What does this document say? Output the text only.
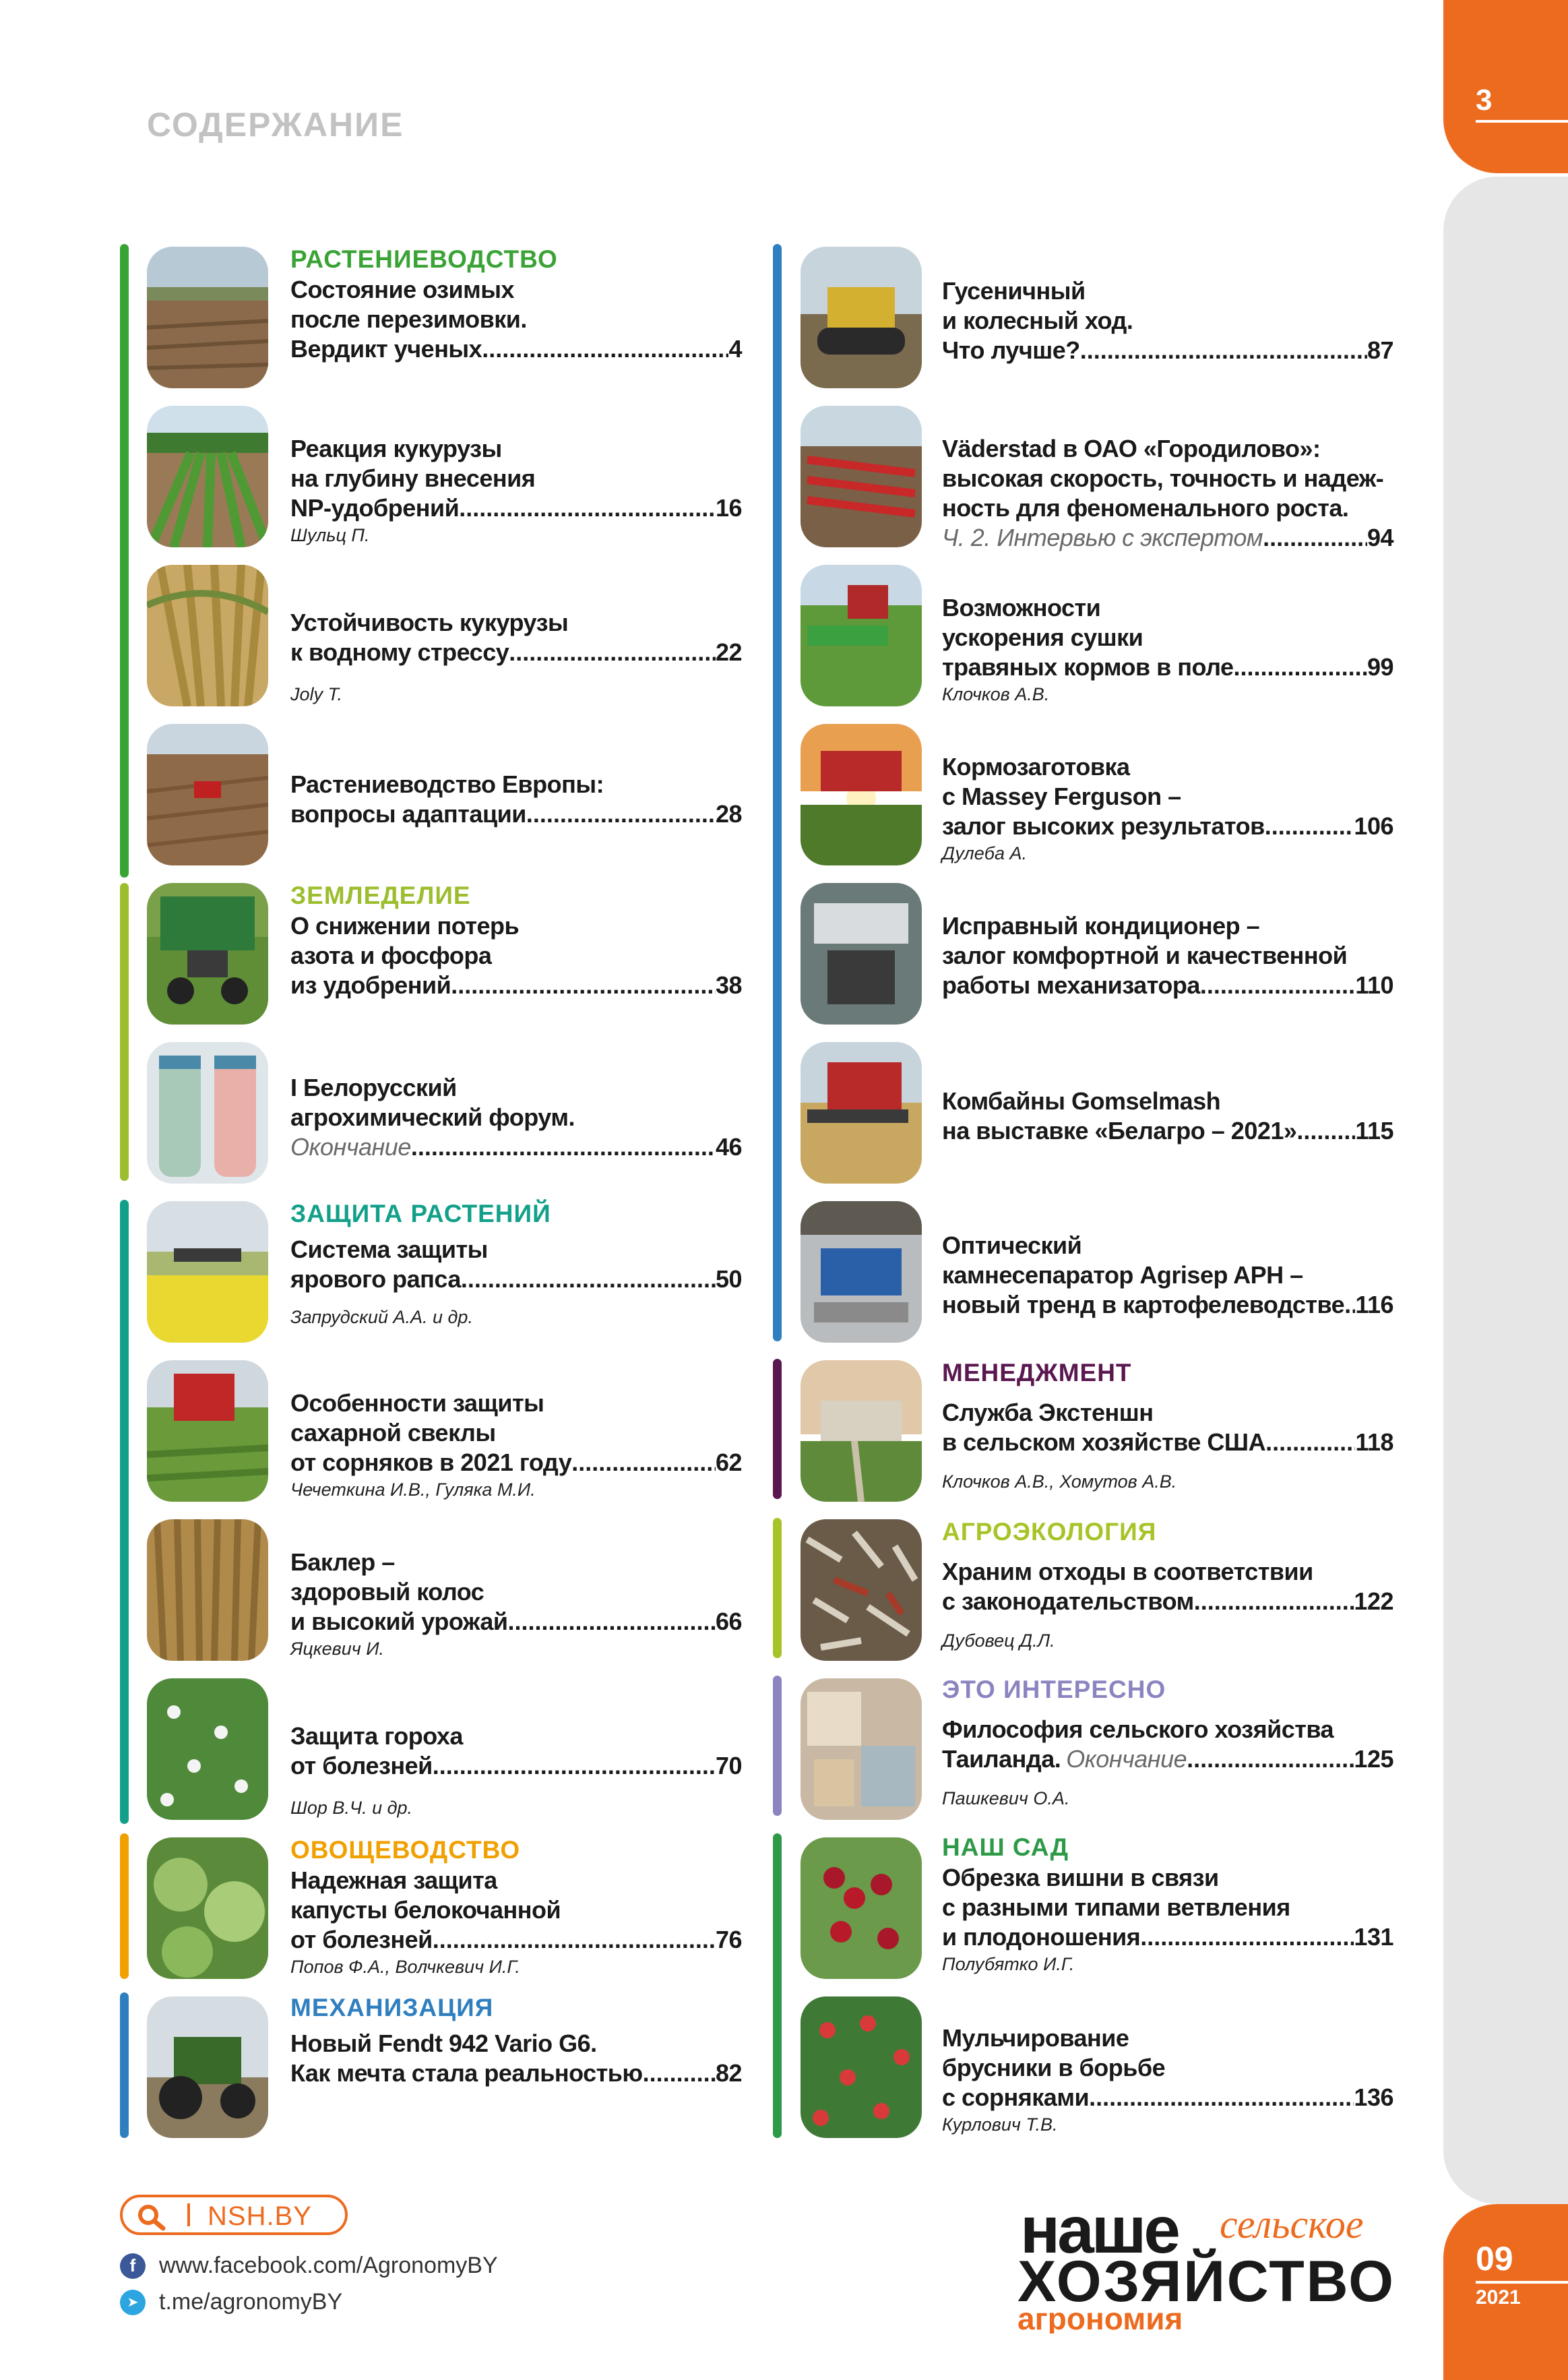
3
09
2021
СОДЕРЖАНИЕ
РАСТЕНИЕВОДСТВО
Состояние озимых
после перезимовки.
Вердикт ученых .....	4
Реакция кукурузы
на глубину внесения
NP-удобрений .....	16
Шульц П.
Устойчивость кукурузы
к водному стрессу .....	22
Joly T.
Растениеводство Европы:
вопросы адаптации .....	28
ЗЕМЛЕДЕЛИЕ
О снижении потерь
азота и фосфора
из удобрений .....	38
I Белорусский
агрохимический форум.
Окончание .....	46
ЗАЩИТА РАСТЕНИЙ
Система защиты
ярового рапса .....	50
Запрудский А.А. и др.
Особенности защиты
сахарной свеклы
от сорняков в 2021 году .....	62
Чечеткина И.В., Гуляка М.И.
Баклер –
здоровый колос
и высокий урожай .....	66
Яцкевич И.
Защита гороха
от болезней .....	70
Шор В.Ч. и др.
ОВОЩЕВОДСТВО
Надежная защита
капусты белокочанной
от болезней .....	76
Попов Ф.А., Волчкевич И.Г.
МЕХАНИЗАЦИЯ
Новый Fendt 942 Vario G6.
Как мечта стала реальностью .....	82
Гусеничный
и колесный ход.
Что лучше? .....	87
Väderstad в ОАО «Городилово»:
высокая скорость, точность и надеж-
ность для феноменального роста.
Ч. 2. Интервью с экспертом .....	94
Возможности
ускорения сушки
травяных кормов в поле .....	99
Клочков А.В.
Кормозаготовка
с Massey Ferguson –
залог высоких результатов .....	106
Дулеба А.
Исправный кондиционер –
залог комфортной и качественной
работы механизатора .....	110
Комбайны Gomselmash
на выставке «Белагро – 2021» ..... 115
Оптический
камнесепаратор Agrisep APH –
новый тренд в картофелеводстве ..... 116
МЕНЕДЖМЕНТ
Служба Экстеншн
в сельском хозяйстве США .....	118
Клочков А.В., Хомутов А.В.
АГРОЭКОЛОГИЯ
Храним отходы в соответствии
с законодательством .....	122
Дубовец Д.Л.
ЭТО ИНТЕРЕСНО
Философия сельского хозяйства
Таиланда. Окончание .....	125
Пашкевич О.А.
НАШ САД
Обрезка вишни в связи
с разными типами ветвления
и плодоношения .....	131
Полубятко И.Г.
Мульчирование
брусники в борьбе
с сорняками .....	136
Курлович Т.В.
NSH.BY
f	www.facebook.com/AgronomyBY
➤ t.me/agronomyBY
наше сельское
ХОЗЯЙСТВО
агрономия
